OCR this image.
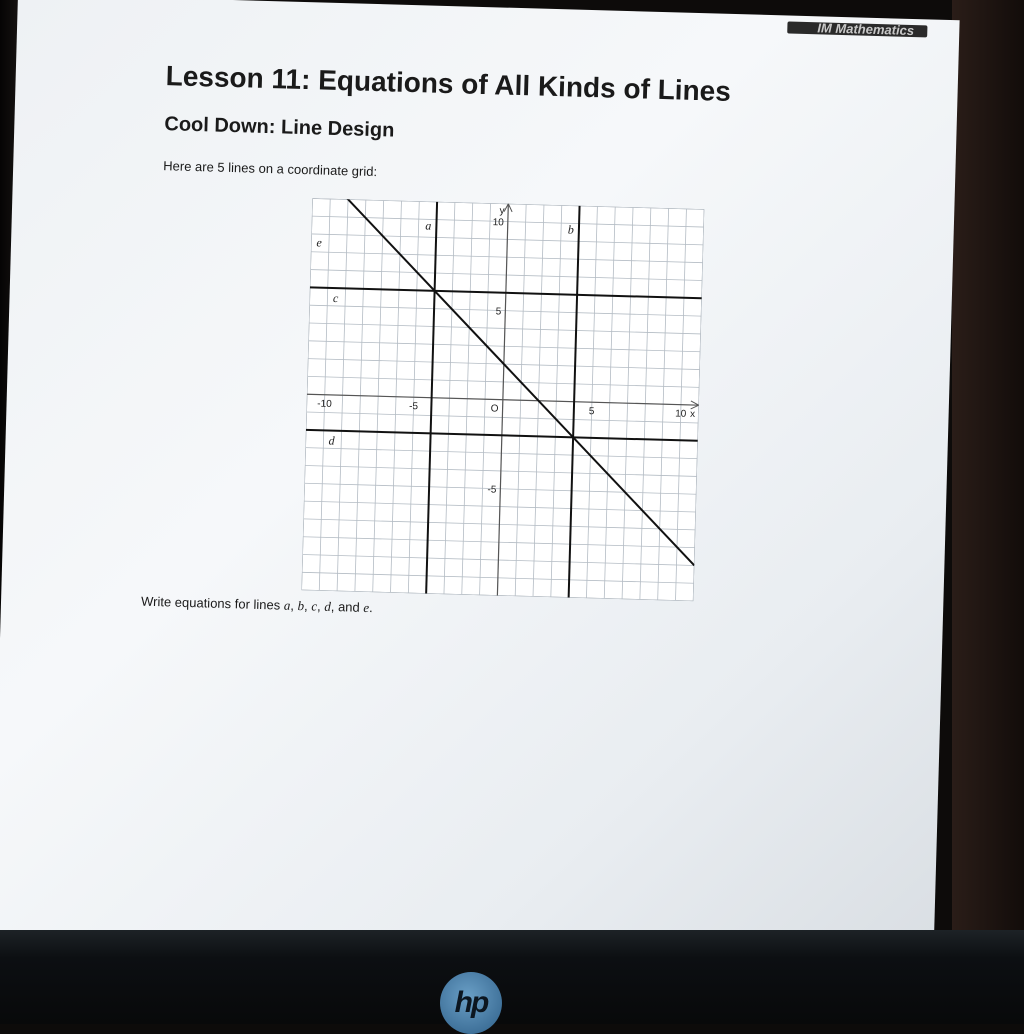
IM Mathematics
Lesson 11: Equations of All Kinds of Lines
Cool Down: Line Design
Here are 5 lines on a coordinate grid:
-10	-5	O	5	10
10
5
-5
x
y
a	b
c
d
e
Write equations for lines a, b, c, d, and e.
hp
